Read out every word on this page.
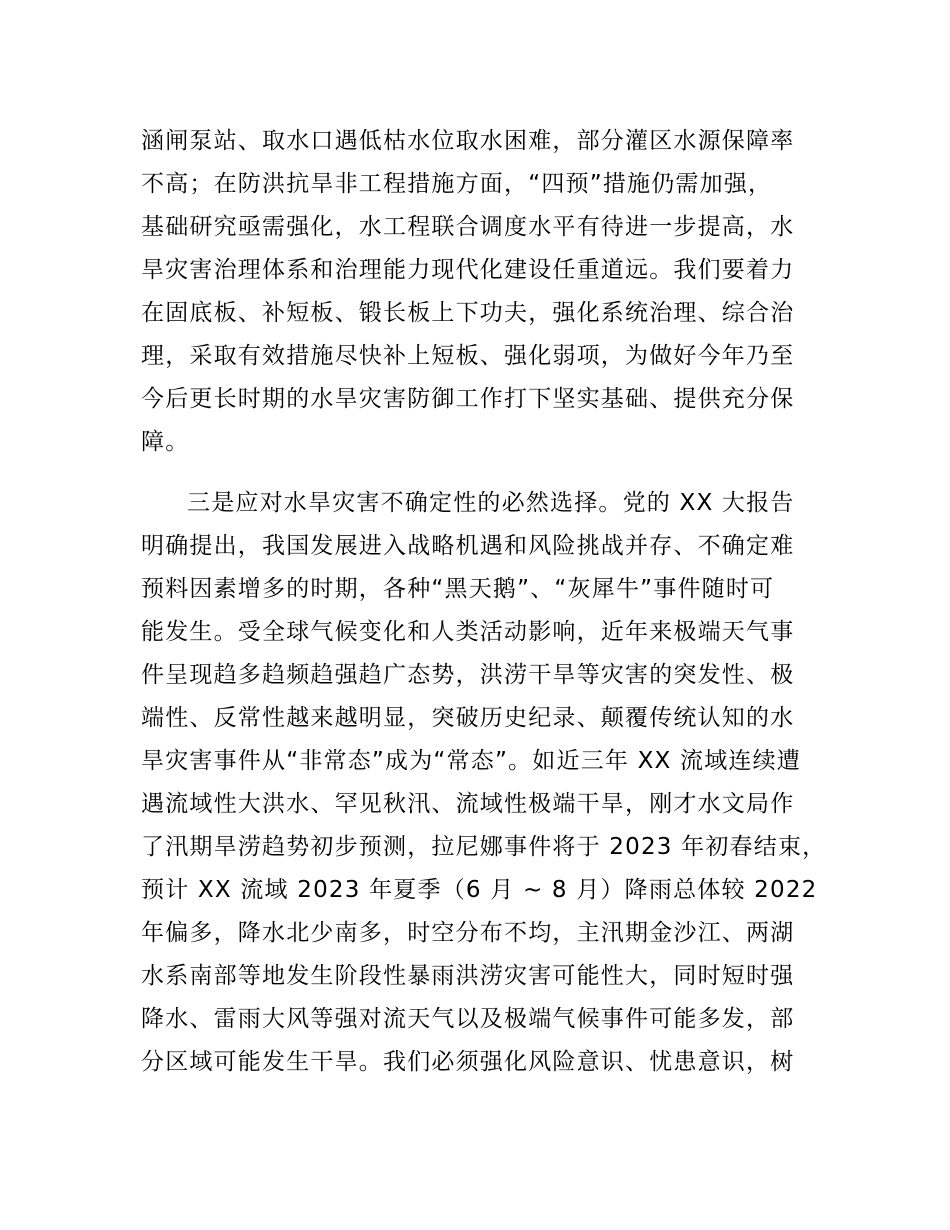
涵闸泵站、取水口遇低枯水位取水困难，部分灌区水源保障率
不高；在防洪抗旱非工程措施方面，“四预”措施仍需加强，
基础研究亟需强化，水工程联合调度水平有待进一步提高，水
旱灾害治理体系和治理能力现代化建设任重道远。我们要着力
在固底板、补短板、锻长板上下功夫，强化系统治理、综合治
理，采取有效措施尽快补上短板、强化弱项，为做好今年乃至
今后更长时期的水旱灾害防御工作打下坚实基础、提供充分保
障。
三是应对水旱灾害不确定性的必然选择。党的 XX 大报告
明确提出，我国发展进入战略机遇和风险挑战并存、不确定难
预料因素增多的时期，各种“黑天鹅”、“灰犀牛”事件随时可
能发生。受全球气候变化和人类活动影响，近年来极端天气事
件呈现趋多趋频趋强趋广态势，洪涝干旱等灾害的突发性、极
端性、反常性越来越明显，突破历史纪录、颠覆传统认知的水
旱灾害事件从“非常态”成为“常态”。如近三年 XX 流域连续遭
遇流域性大洪水、罕见秋汛、流域性极端干旱，刚才水文局作
了汛期旱涝趋势初步预测，拉尼娜事件将于 2023 年初春结束，
预计 XX 流域 2023 年夏季（6 月 ~ 8 月）降雨总体较 2022
年偏多，降水北少南多，时空分布不均，主汛期金沙江、两湖
水系南部等地发生阶段性暴雨洪涝灾害可能性大，同时短时强
降水、雷雨大风等强对流天气以及极端气候事件可能多发，部
分区域可能发生干旱。我们必须强化风险意识、忧患意识，树
